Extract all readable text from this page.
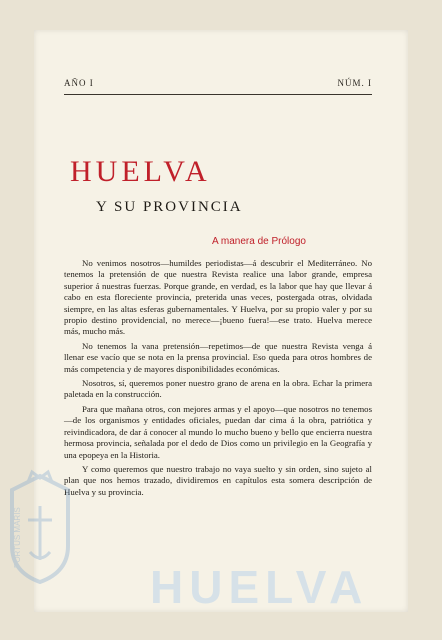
AÑO I	NÚM. I
HUELVA
Y SU PROVINCIA
A manera de Prólogo

No venimos nosotros—humildes periodistas—á descubrir el Mediterráneo. No tenemos la pretensión de que nuestra Revista realice una labor grande, empresa superior á nuestras fuerzas. Porque grande, en verdad, es la labor que hay que llevar á cabo en esta floreciente provincia, preterida unas veces, postergada otras, olvidada siempre, en las altas esferas gubernamentales. Y Huelva, por su propio valer y por su propio destino providencial, no merece—¡bueno fuera!—ese trato. Huelva merece más, mucho más.

No tenemos la vana pretensión—repetimos—de que nuestra Revista venga á llenar ese vacío que se nota en la prensa provincial. Eso queda para otros hombres de más competencia y de mayores disponibilidades económicas.

Nosotros, sí, queremos poner nuestro grano de arena en la obra. Echar la primera paletada en la construcción.

Para que mañana otros, con mejores armas y el apoyo—que nosotros no tenemos—de los organismos y entidades oficiales, puedan dar cima á la obra, patriótica y reivindicadora, de dar á conocer al mundo lo mucho bueno y bello que encierra nuestra hermosa provincia, señalada por el dedo de Dios como un privilegio en la Geografía y una epopeya en la Historia.

Y como queremos que nuestro trabajo no vaya suelto y sin orden, sino sujeto al plan que nos hemos trazado, dividiremos en capítulos esta somera descripción de Huelva y su provincia.

PORTUS MARIS
HUELVA
